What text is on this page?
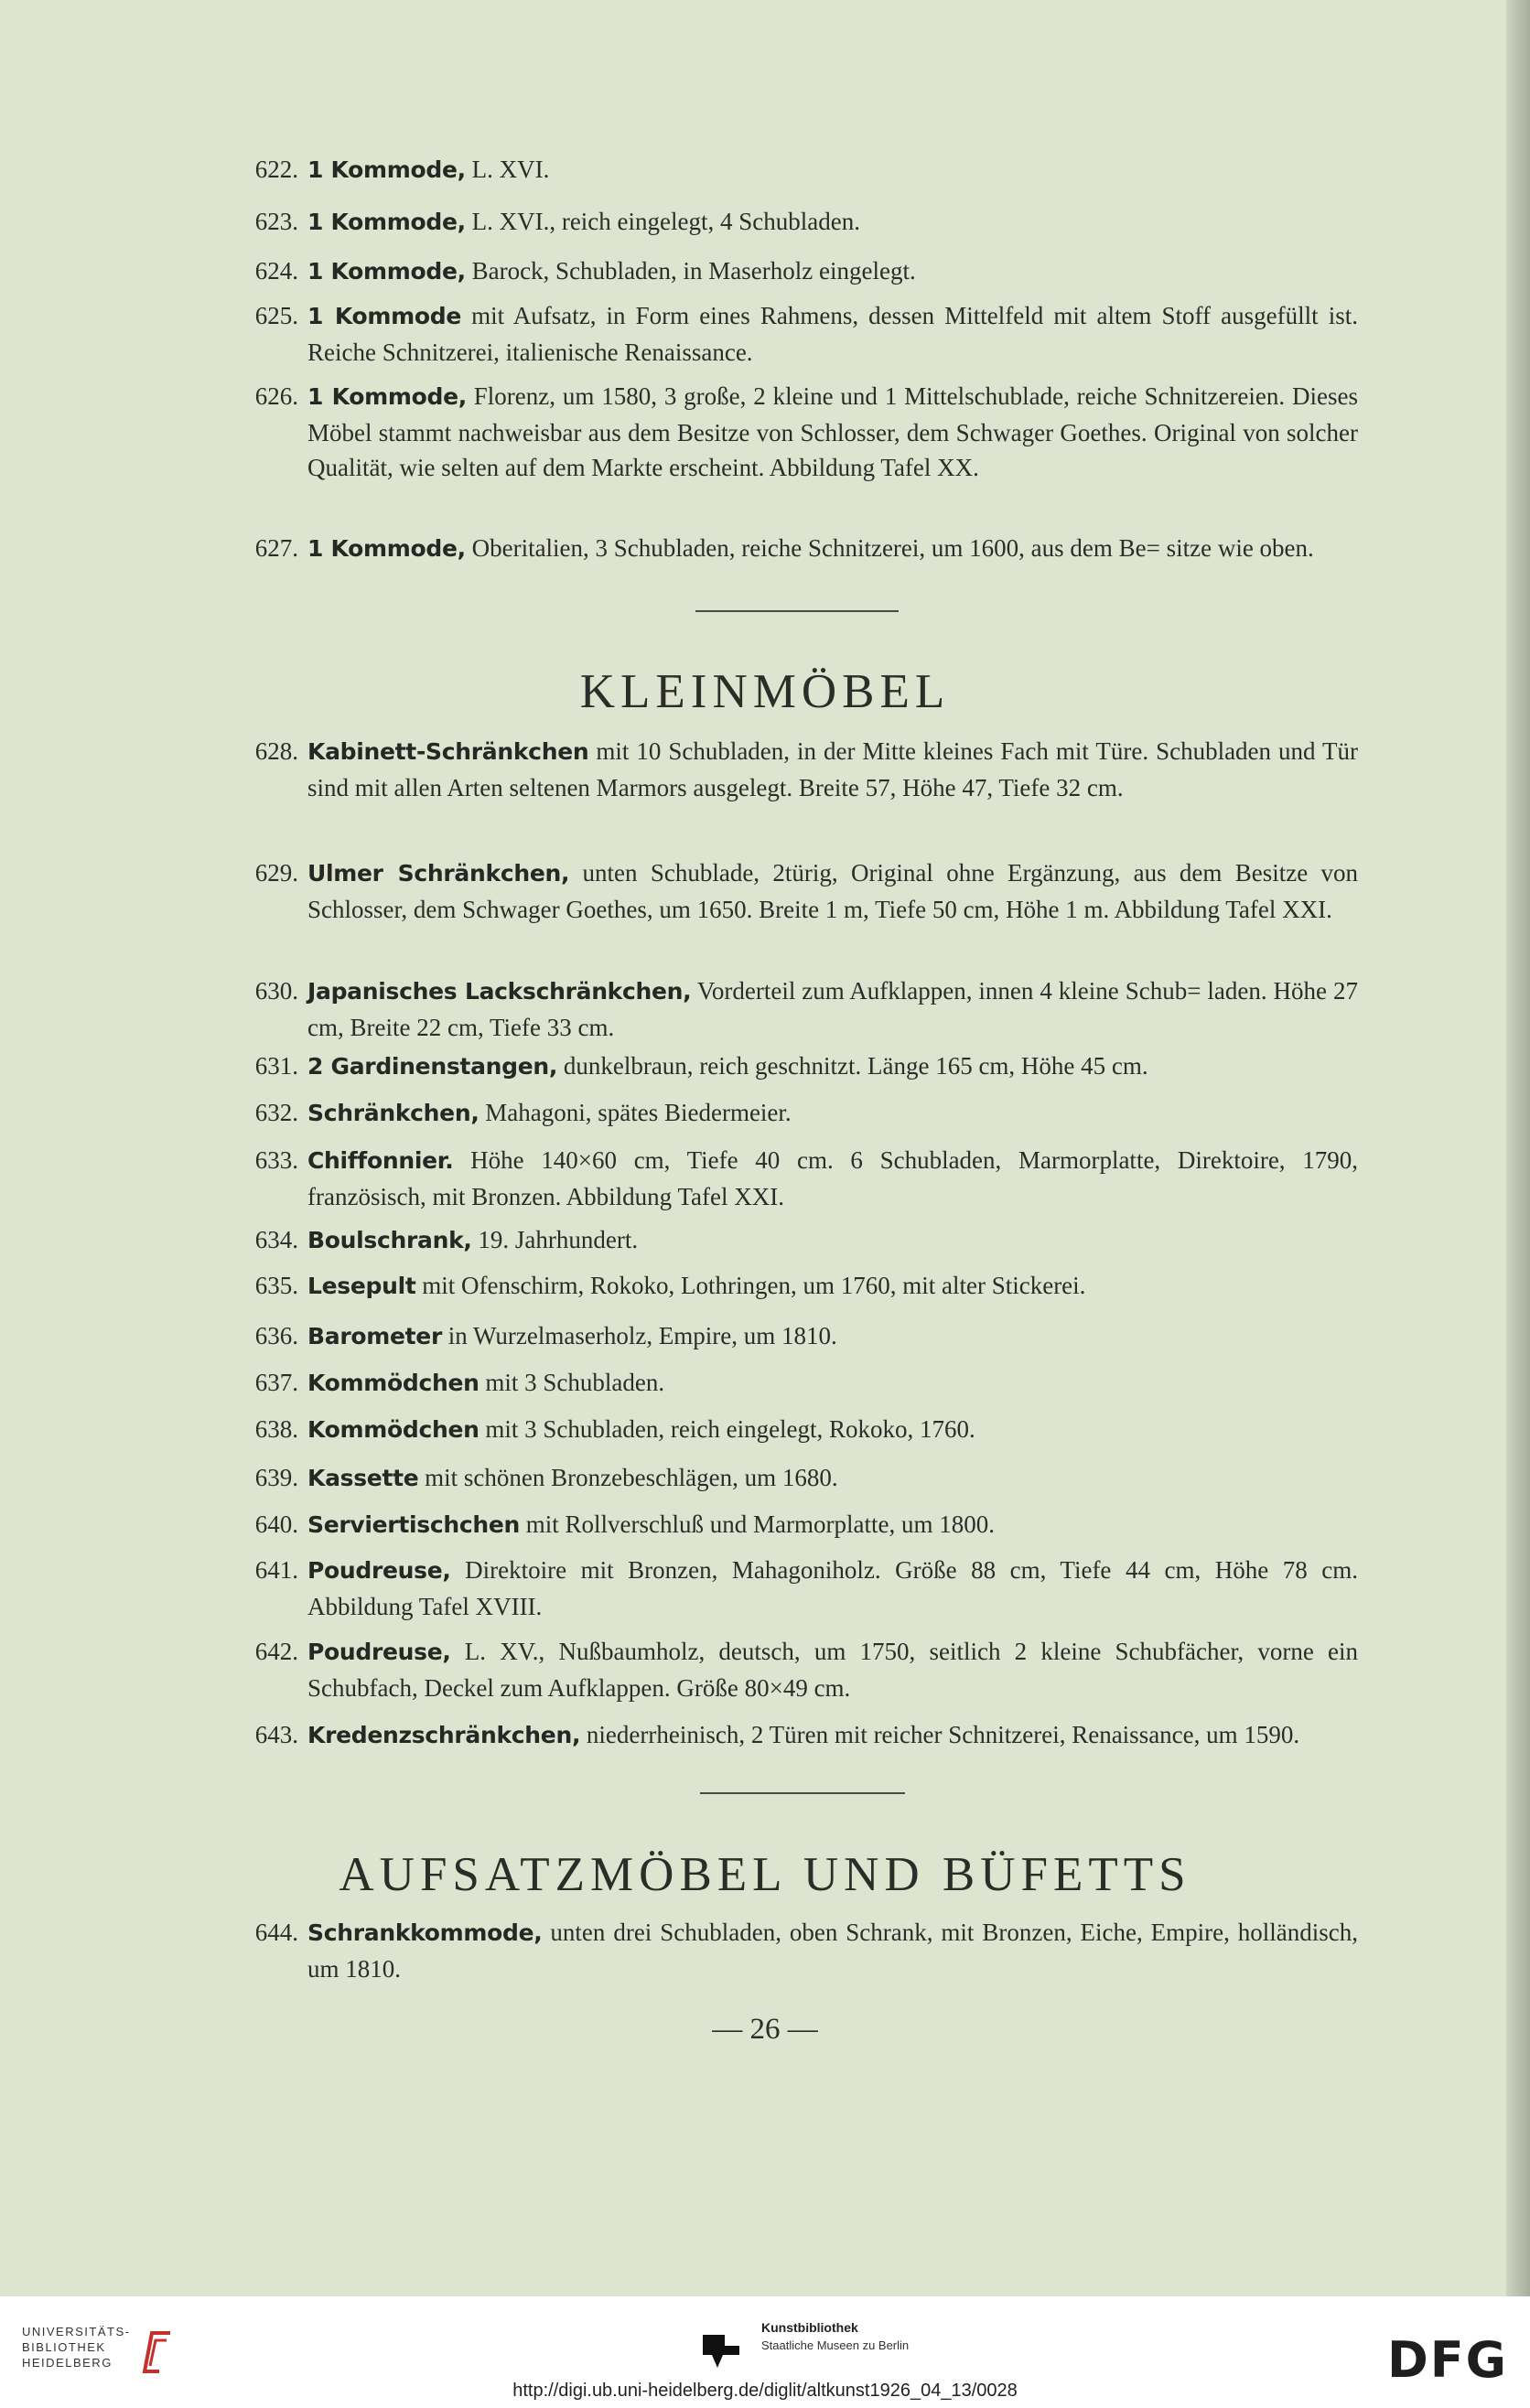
622. 1 Kommode, L. XVI.
623. 1 Kommode, L. XVI., reich eingelegt, 4 Schubladen.
624. 1 Kommode, Barock, Schubladen, in Maserholz eingelegt.
625. 1 Kommode mit Aufsatz, in Form eines Rahmens, dessen Mittelfeld mit altem Stoff ausgefüllt ist. Reiche Schnitzerei, italienische Renaissance.
626. 1 Kommode, Florenz, um 1580, 3 große, 2 kleine und 1 Mittelschublade, reiche Schnitzereien. Dieses Möbel stammt nachweisbar aus dem Besitze von Schlosser, dem Schwager Goethes. Original von solcher Qualität, wie selten auf dem Markte erscheint. Abbildung Tafel XX.
627. 1 Kommode, Oberitalien, 3 Schubladen, reiche Schnitzerei, um 1600, aus dem Be= sitze wie oben.
KLEINMÖBEL
628. Kabinett-Schränkchen mit 10 Schubladen, in der Mitte kleines Fach mit Türe. Schubladen und Tür sind mit allen Arten seltenen Marmors ausgelegt. Breite 57, Höhe 47, Tiefe 32 cm.
629. Ulmer Schränkchen, unten Schublade, 2türig, Original ohne Ergänzung, aus dem Besitze von Schlosser, dem Schwager Goethes, um 1650. Breite 1 m, Tiefe 50 cm, Höhe 1 m. Abbildung Tafel XXI.
630. Japanisches Lackschränkchen, Vorderteil zum Aufklappen, innen 4 kleine Schub= laden. Höhe 27 cm, Breite 22 cm, Tiefe 33 cm.
631. 2 Gardinenstangen, dunkelbraun, reich geschnitzt. Länge 165 cm, Höhe 45 cm.
632. Schränkchen, Mahagoni, spätes Biedermeier.
633. Chiffonnier. Höhe 140×60 cm, Tiefe 40 cm. 6 Schubladen, Marmorplatte, Direktoire, 1790, französisch, mit Bronzen. Abbildung Tafel XXI.
634. Boulschrank, 19. Jahrhundert.
635. Lesepult mit Ofenschirm, Rokoko, Lothringen, um 1760, mit alter Stickerei.
636. Barometer in Wurzelmaserholz, Empire, um 1810.
637. Kommödchen mit 3 Schubladen.
638. Kommödchen mit 3 Schubladen, reich eingelegt, Rokoko, 1760.
639. Kassette mit schönen Bronzebeschlägen, um 1680.
640. Serviertischchen mit Rollverschluß und Marmorplatte, um 1800.
641. Poudreuse, Direktoire mit Bronzen, Mahagoniholz. Größe 88 cm, Tiefe 44 cm, Höhe 78 cm. Abbildung Tafel XVIII.
642. Poudreuse, L. XV., Nußbaumholz, deutsch, um 1750, seitlich 2 kleine Schubfächer, vorne ein Schubfach, Deckel zum Aufklappen. Größe 80×49 cm.
643. Kredenzschränkchen, niederrheinisch, 2 Türen mit reicher Schnitzerei, Renaissance, um 1590.
AUFSATZMÖBEL UND BÜFETTS
644. Schrankkommode, unten drei Schubladen, oben Schrank, mit Bronzen, Eiche, Empire, holländisch, um 1810.
— 26 —
UNIVERSITÄTS-
BIBLIOTHEK
HEIDELBERG
Kunstbibliothek
Staatliche Museen zu Berlin	DFG
http://digi.ub.uni-heidelberg.de/diglit/altkunst1926_04_13/0028
